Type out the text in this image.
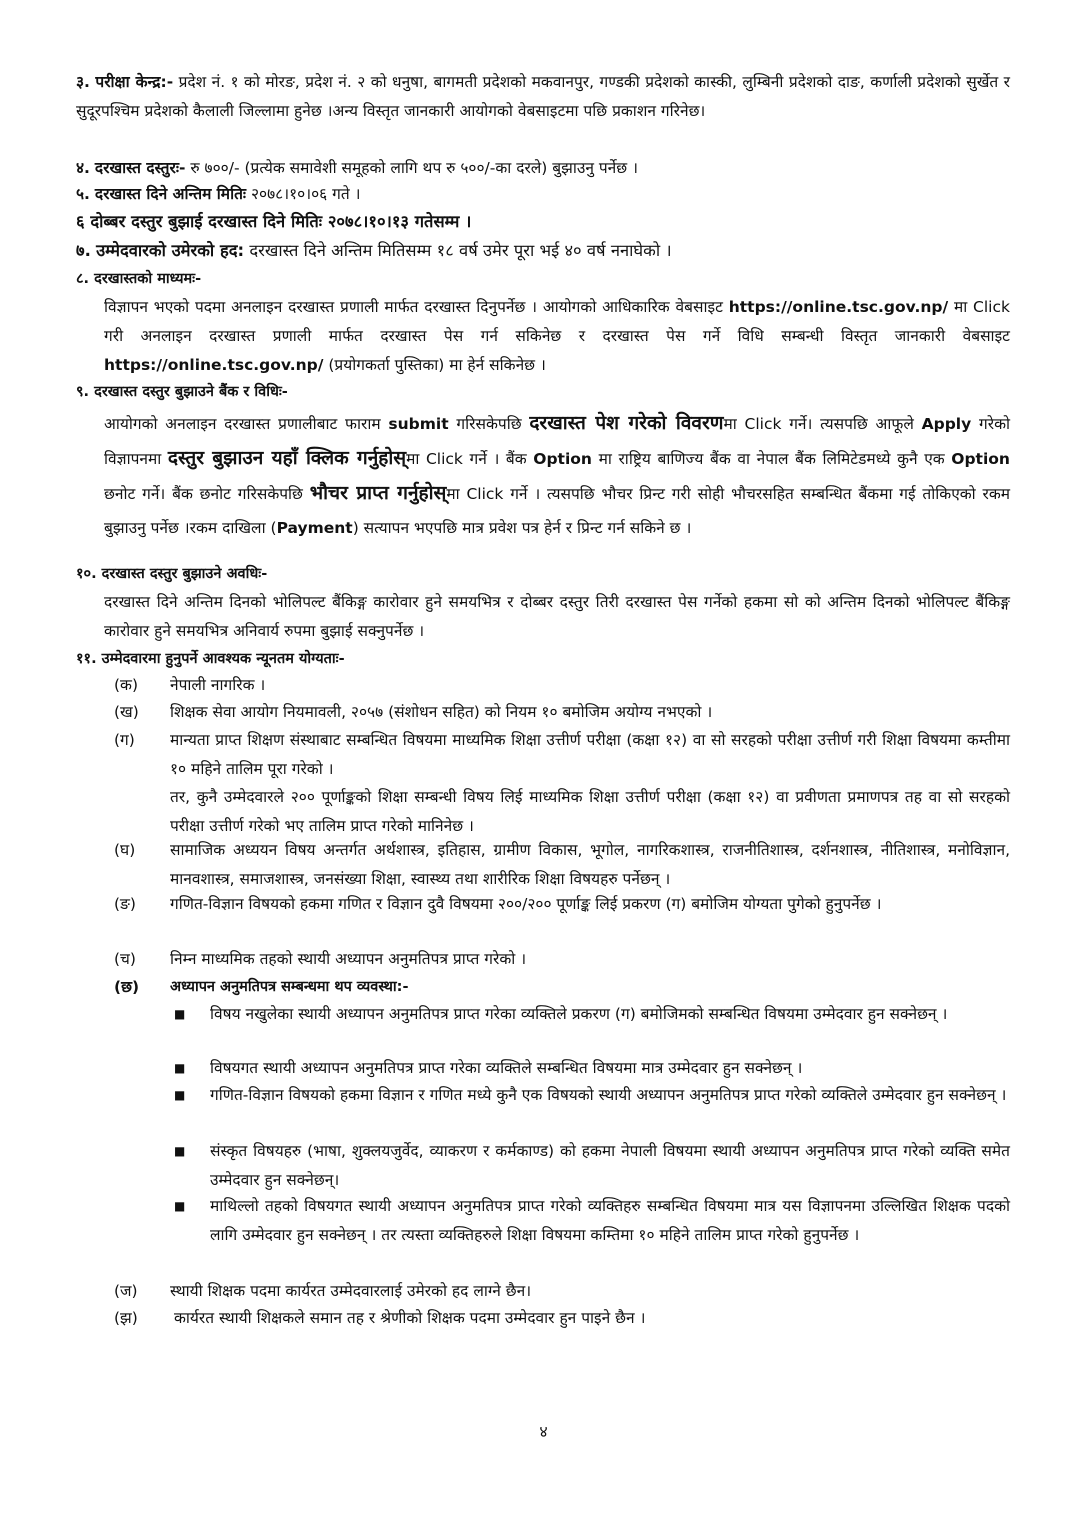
३. परीक्षा केन्द्र:- प्रदेश नं. १ को मोरङ, प्रदेश नं. २ को धनुषा, बागमती प्रदेशको मकवानपुर, गण्डकी प्रदेशको कास्की, लुम्बिनी प्रदेशको दाङ, कर्णाली प्रदेशको सुर्खेत र सुदूरपश्चिम प्रदेशको कैलाली जिल्लामा हुनेछ ।अन्य विस्तृत जानकारी आयोगको वेबसाइटमा पछि प्रकाशन गरिनेछ।
४. दरखास्त दस्तुरः- रु ७००/- (प्रत्येक समावेशी समूहको लागि थप रु ५००/-का दरले) बुझाउनु पर्नेछ ।
५. दरखास्त दिने अन्तिम मितिः २०७८।१०।०६ गते ।
६ दोब्बर दस्तुर बुझाई दरखास्त दिने मितिः २०७८।१०।१३ गतेसम्म ।
७. उम्मेदवारको उमेरको हद: दरखास्त दिने अन्तिम मितिसम्म १८ वर्ष उमेर पूरा भई ४० वर्ष ननाघेको ।
८. दरखास्तको माध्यमः-
विज्ञापन भएको पदमा अनलाइन दरखास्त प्रणाली मार्फत दरखास्त दिनुपर्नेछ । आयोगको आधिकारिक वेबसाइट https://online.tsc.gov.np/ मा Click गरी अनलाइन दरखास्त प्रणाली मार्फत दरखास्त पेस गर्न सकिनेछ र दरखास्त पेस गर्ने विधि सम्बन्धी विस्तृत जानकारी वेबसाइट https://online.tsc.gov.np/ (प्रयोगकर्ता पुस्तिका) मा हेर्न सकिनेछ ।
९. दरखास्त दस्तुर बुझाउने बैंक र विधिः-
आयोगको अनलाइन दरखास्त प्रणालीबाट फाराम submit गरिसकेपछि दरखास्त पेश गरेको विवरणमा Click गर्ने। त्यसपछि आफूले Apply गरेको विज्ञापनमा दस्तुर बुझाउन यहाँ क्लिक गर्नुहोस्मा Click गर्ने । बैंक Option मा राष्ट्रिय बाणिज्य बैंक वा नेपाल बैंक लिमिटेडमध्ये कुनै एक Option छनोट गर्ने। बैंक छनोट गरिसकेपछि भौचर प्राप्त गर्नुहोस्मा Click गर्ने । त्यसपछि भौचर प्रिन्ट गरी सोही भौचरसहित सम्बन्धित बैंकमा गई तोकिएको रकम बुझाउनु पर्नेछ ।रकम दाखिला (Payment) सत्यापन भएपछि मात्र प्रवेश पत्र हेर्न र प्रिन्ट गर्न सकिने छ ।
१०. दरखास्त दस्तुर बुझाउने अवधिः-
दरखास्त दिने अन्तिम दिनको भोलिपल्ट बैंकिङ्ग कारोवार हुने समयभित्र र दोब्बर दस्तुर तिरी दरखास्त पेस गर्नेको हकमा सो को अन्तिम दिनको भोलिपल्ट बैंकिङ्ग कारोवार हुने समयभित्र अनिवार्य रुपमा बुझाई सक्नुपर्नेछ ।
११. उम्मेदवारमा हुनुपर्ने आवश्यक न्यूनतम योग्यताः-
(क) नेपाली नागरिक ।
(ख) शिक्षक सेवा आयोग नियमावली, २०५७ (संशोधन सहित) को नियम १० बमोजिम अयोग्य नभएको ।
(ग) मान्यता प्राप्त शिक्षण संस्थाबाट सम्बन्धित विषयमा माध्यमिक शिक्षा उत्तीर्ण परीक्षा (कक्षा १२) वा सो सरहको परीक्षा उत्तीर्ण गरी शिक्षा विषयमा कम्तीमा १० महिने तालिम पूरा गरेको ।
तर, कुनै उम्मेदवारले २०० पूर्णाङ्कको शिक्षा सम्बन्धी विषय लिई माध्यमिक शिक्षा उत्तीर्ण परीक्षा (कक्षा १२) वा प्रवीणता प्रमाणपत्र तह वा सो सरहको परीक्षा उत्तीर्ण गरेको भए तालिम प्राप्त गरेको मानिनेछ ।
(घ) सामाजिक अध्ययन विषय अन्तर्गत अर्थशास्त्र, इतिहास, ग्रामीण विकास, भूगोल, नागरिकशास्त्र, राजनीतिशास्त्र, दर्शनशास्त्र, नीतिशास्त्र, मनोविज्ञान, मानवशास्त्र, समाजशास्त्र, जनसंख्या शिक्षा, स्वास्थ्य तथा शारीरिक शिक्षा विषयहरु पर्नेछन् ।
(ङ) गणित-विज्ञान विषयको हकमा गणित र विज्ञान दुवै विषयमा २००/२०० पूर्णाङ्क लिई प्रकरण (ग) बमोजिम योग्यता पुगेको हुनुपर्नेछ ।
(च) निम्न माध्यमिक तहको स्थायी अध्यापन अनुमतिपत्र प्राप्त गरेको ।
(छ) अध्यापन अनुमतिपत्र सम्बन्धमा थप व्यवस्था:-
■ विषय नखुलेका स्थायी अध्यापन अनुमतिपत्र प्राप्त गरेका व्यक्तिले प्रकरण (ग) बमोजिमको सम्बन्धित विषयमा उम्मेदवार हुन सक्नेछन् ।
■ विषयगत स्थायी अध्यापन अनुमतिपत्र प्राप्त गरेका व्यक्तिले सम्बन्धित विषयमा मात्र उम्मेदवार हुन सक्नेछन् ।
■ गणित-विज्ञान विषयको हकमा विज्ञान र गणित मध्ये कुनै एक विषयको स्थायी अध्यापन अनुमतिपत्र प्राप्त गरेको व्यक्तिले उम्मेदवार हुन सक्नेछन् ।
■ संस्कृत विषयहरु (भाषा, शुक्लयजुर्वेद, व्याकरण र कर्मकाण्ड) को हकमा नेपाली विषयमा स्थायी अध्यापन अनुमतिपत्र प्राप्त गरेको व्यक्ति समेत उम्मेदवार हुन सक्नेछन्।
■ माथिल्लो तहको विषयगत स्थायी अध्यापन अनुमतिपत्र प्राप्त गरेको व्यक्तिहरु सम्बन्धित विषयमा मात्र यस विज्ञापनमा उल्लिखित शिक्षक पदको लागि उम्मेदवार हुन सक्नेछन् । तर त्यस्ता व्यक्तिहरुले शिक्षा विषयमा कम्तिमा १० महिने तालिम प्राप्त गरेको हुनुपर्नेछ ।
(ज) स्थायी शिक्षक पदमा कार्यरत उम्मेदवारलाई उमेरको हद लाग्ने छैन।
(झ) कार्यरत स्थायी शिक्षकले समान तह र श्रेणीको शिक्षक पदमा उम्मेदवार हुन पाइने छैन ।
४
